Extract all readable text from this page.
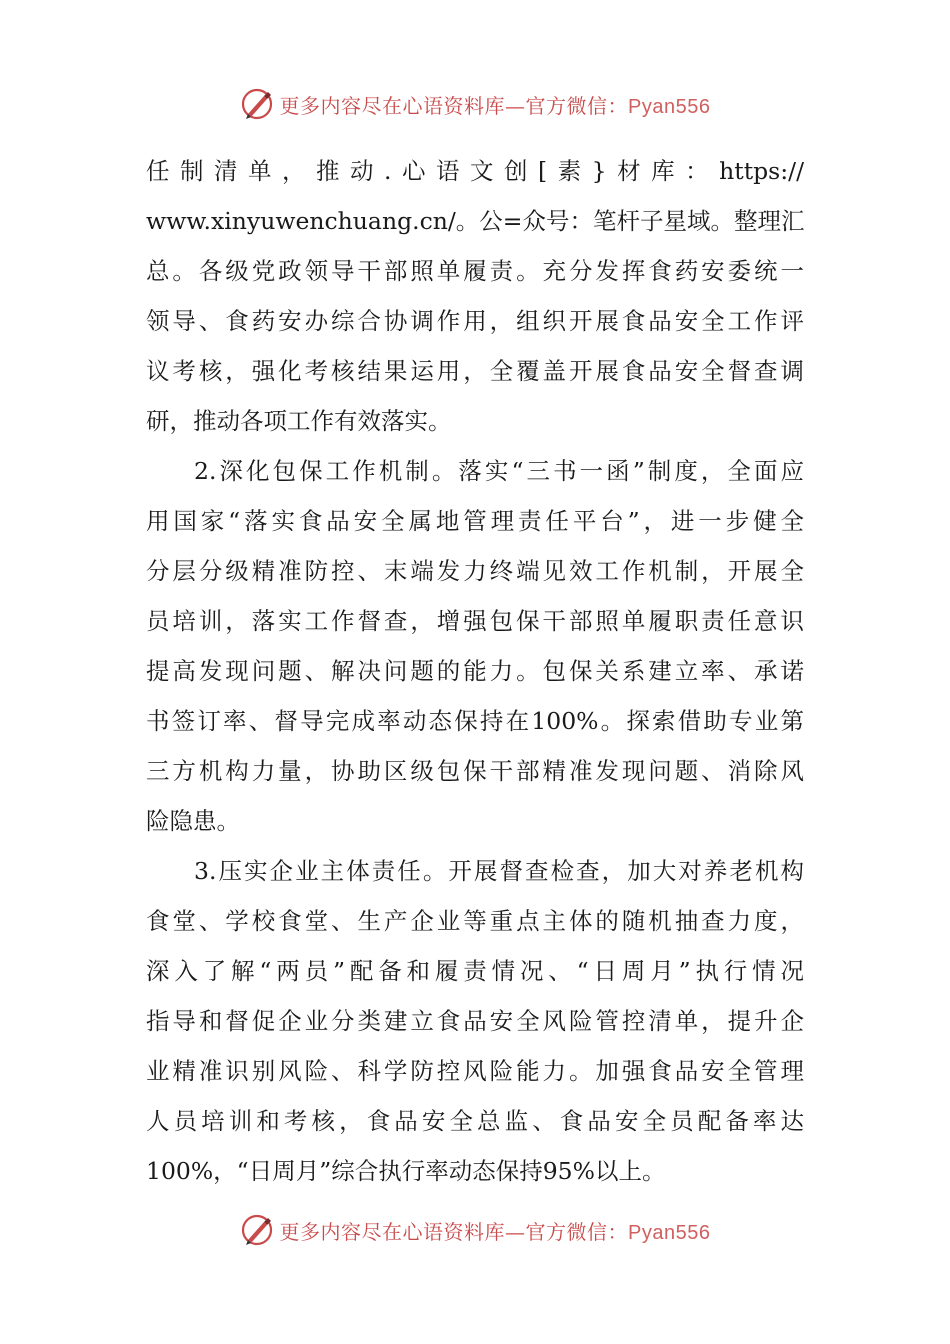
更多内容尽在心语资料库—官方微信：Pyan556
任制清单，推动.心语文创[素}材库：https://
www.xinyuwenchuang.cn/。公=众号：笔杆子星域。整理汇
总。各级党政领导干部照单履责。充分发挥食药安委统一
领导、食药安办综合协调作用，组织开展食品安全工作评
议考核，强化考核结果运用，全覆盖开展食品安全督查调
研，推动各项工作有效落实。
2.深化包保工作机制。落实“三书一函”制度，全面应
用国家“落实食品安全属地管理责任平台”，进一步健全
分层分级精准防控、末端发力终端见效工作机制，开展全
员培训，落实工作督查，增强包保干部照单履职责任意识
提高发现问题、解决问题的能力。包保关系建立率、承诺
书签订率、督导完成率动态保持在100%。探索借助专业第
三方机构力量，协助区级包保干部精准发现问题、消除风
险隐患。
3.压实企业主体责任。开展督查检查，加大对养老机构
食堂、学校食堂、生产企业等重点主体的随机抽查力度，
深入了解“两员”配备和履责情况、“日周月”执行情况
指导和督促企业分类建立食品安全风险管控清单，提升企
业精准识别风险、科学防控风险能力。加强食品安全管理
人员培训和考核，食品安全总监、食品安全员配备率达
100%，“日周月”综合执行率动态保持95%以上。
更多内容尽在心语资料库—官方微信：Pyan556
